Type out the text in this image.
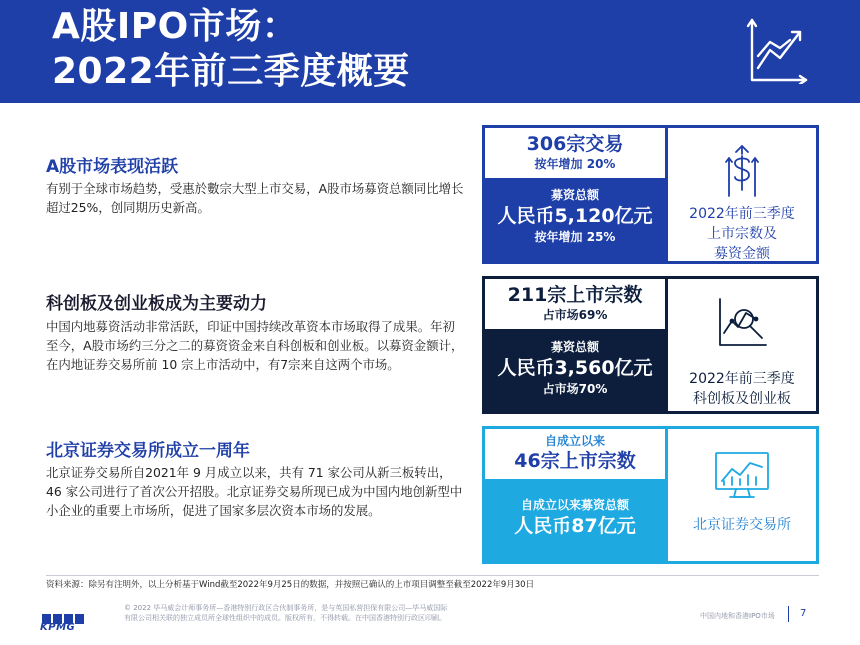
A股IPO市场：
2022年前三季度概要
A股市场表现活跃
有别于全球市场趋势，受惠於數宗大型上市交易，A股市场募资总额同比增长超过25%，创同期历史新高。
科创板及创业板成为主要动力
中国内地募资活动非常活跃，印证中国持续改革资本市场取得了成果。年初至今，A股市场约三分之二的募资资金来自科创板和创业板。以募资金额计，在内地证券交易所前 10 宗上市活动中，有7宗来自这两个市场。
北京证券交易所成立一周年
北京证券交易所自2021年 9 月成立以来，共有 71 家公司从新三板转出，46 家公司进行了首次公开招股。北京证券交易所现已成为中国内地创新型中小企业的重要上市场所，促进了国家多层次资本市场的发展。
306宗交易
按年增加 20%
募资总额
人民币5,120亿元
按年增加 25%
2022年前三季度
上市宗数及
募资金额
211宗上市宗数
占市场69%
募资总额
人民币3,560亿元
占市场70%
2022年前三季度
科创板及创业板
自成立以来
46宗上市宗数
自成立以来募资总额
人民币87亿元	北京证券交易所
资料来源：除另有注明外，以上分析基于Wind截至2022年9月25日的数据，并按照已确认的上市项目调整至截至2022年9月30日
KPMG
© 2022 毕马威会计师事务所—香港特别行政区合伙制事务所，是与英国私营担保有限公司—毕马威国际
有限公司相关联的独立成员所全球性组织中的成员。版权所有，不得转载。在中国香港特别行政区印刷。	中国内地和香港IPO市场	7
